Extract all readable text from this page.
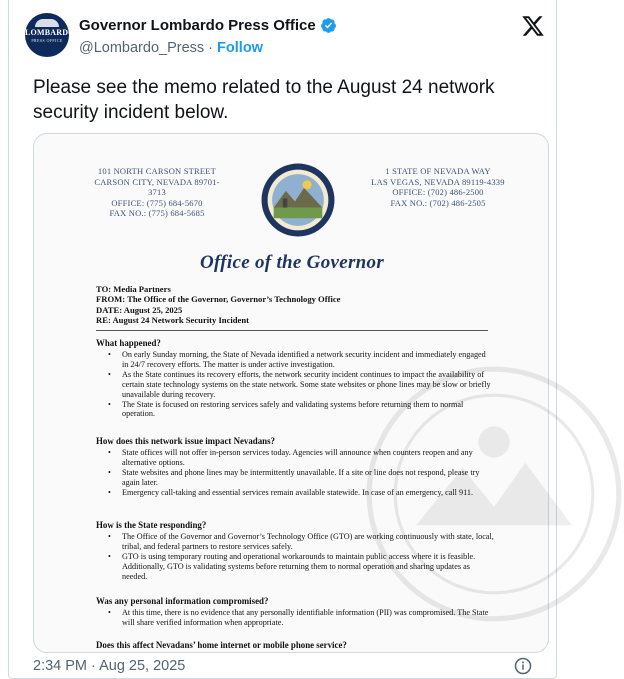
LOMBARDO
PRESS OFFICE
Governor Lombardo Press Office
@Lombardo_Press · Follow
Please see the memo related to the August 24 network security incident below.
101 NORTH CARSON STREET
CARSON CITY, NEVADA 89701-3713
OFFICE: (775) 684-5670
FAX NO.: (775) 684-5685
1 STATE OF NEVADA WAY
LAS VEGAS, NEVADA 89119-4339
OFFICE: (702) 486-2500
FAX NO.: (702) 486-2505
Office of the Governor
TO: Media Partners
FROM: The Office of the Governor, Governor’s Technology Office
DATE: August 25, 2025
RE: August 24 Network Security Incident
What happened?
• On early Sunday morning, the State of Nevada identified a network security incident and immediately engaged in 24/7 recovery efforts. The matter is under active investigation.
• As the State continues its recovery efforts, the network security incident continues to impact the availability of certain state technology systems on the state network. Some state websites or phone lines may be slow or briefly unavailable during recovery.
• The State is focused on restoring services safely and validating systems before returning them to normal operation.
How does this network issue impact Nevadans?
• State offices will not offer in-person services today. Agencies will announce when counters reopen and any alternative options.
• State websites and phone lines may be intermittently unavailable. If a site or line does not respond, please try again later.
• Emergency call-taking and essential services remain available statewide. In case of an emergency, call 911.
How is the State responding?
• The Office of the Governor and Governor’s Technology Office (GTO) are working continuously with state, local, tribal, and federal partners to restore services safely.
• GTO is using temporary routing and operational workarounds to maintain public access where it is feasible. Additionally, GTO is validating systems before returning them to normal operation and sharing updates as needed.
Was any personal information compromised?
• At this time, there is no evidence that any personally identifiable information (PII) was compromised. The State will share verified information when appropriate.
Does this affect Nevadans’ home internet or mobile phone service?
2:34 PM · Aug 25, 2025
